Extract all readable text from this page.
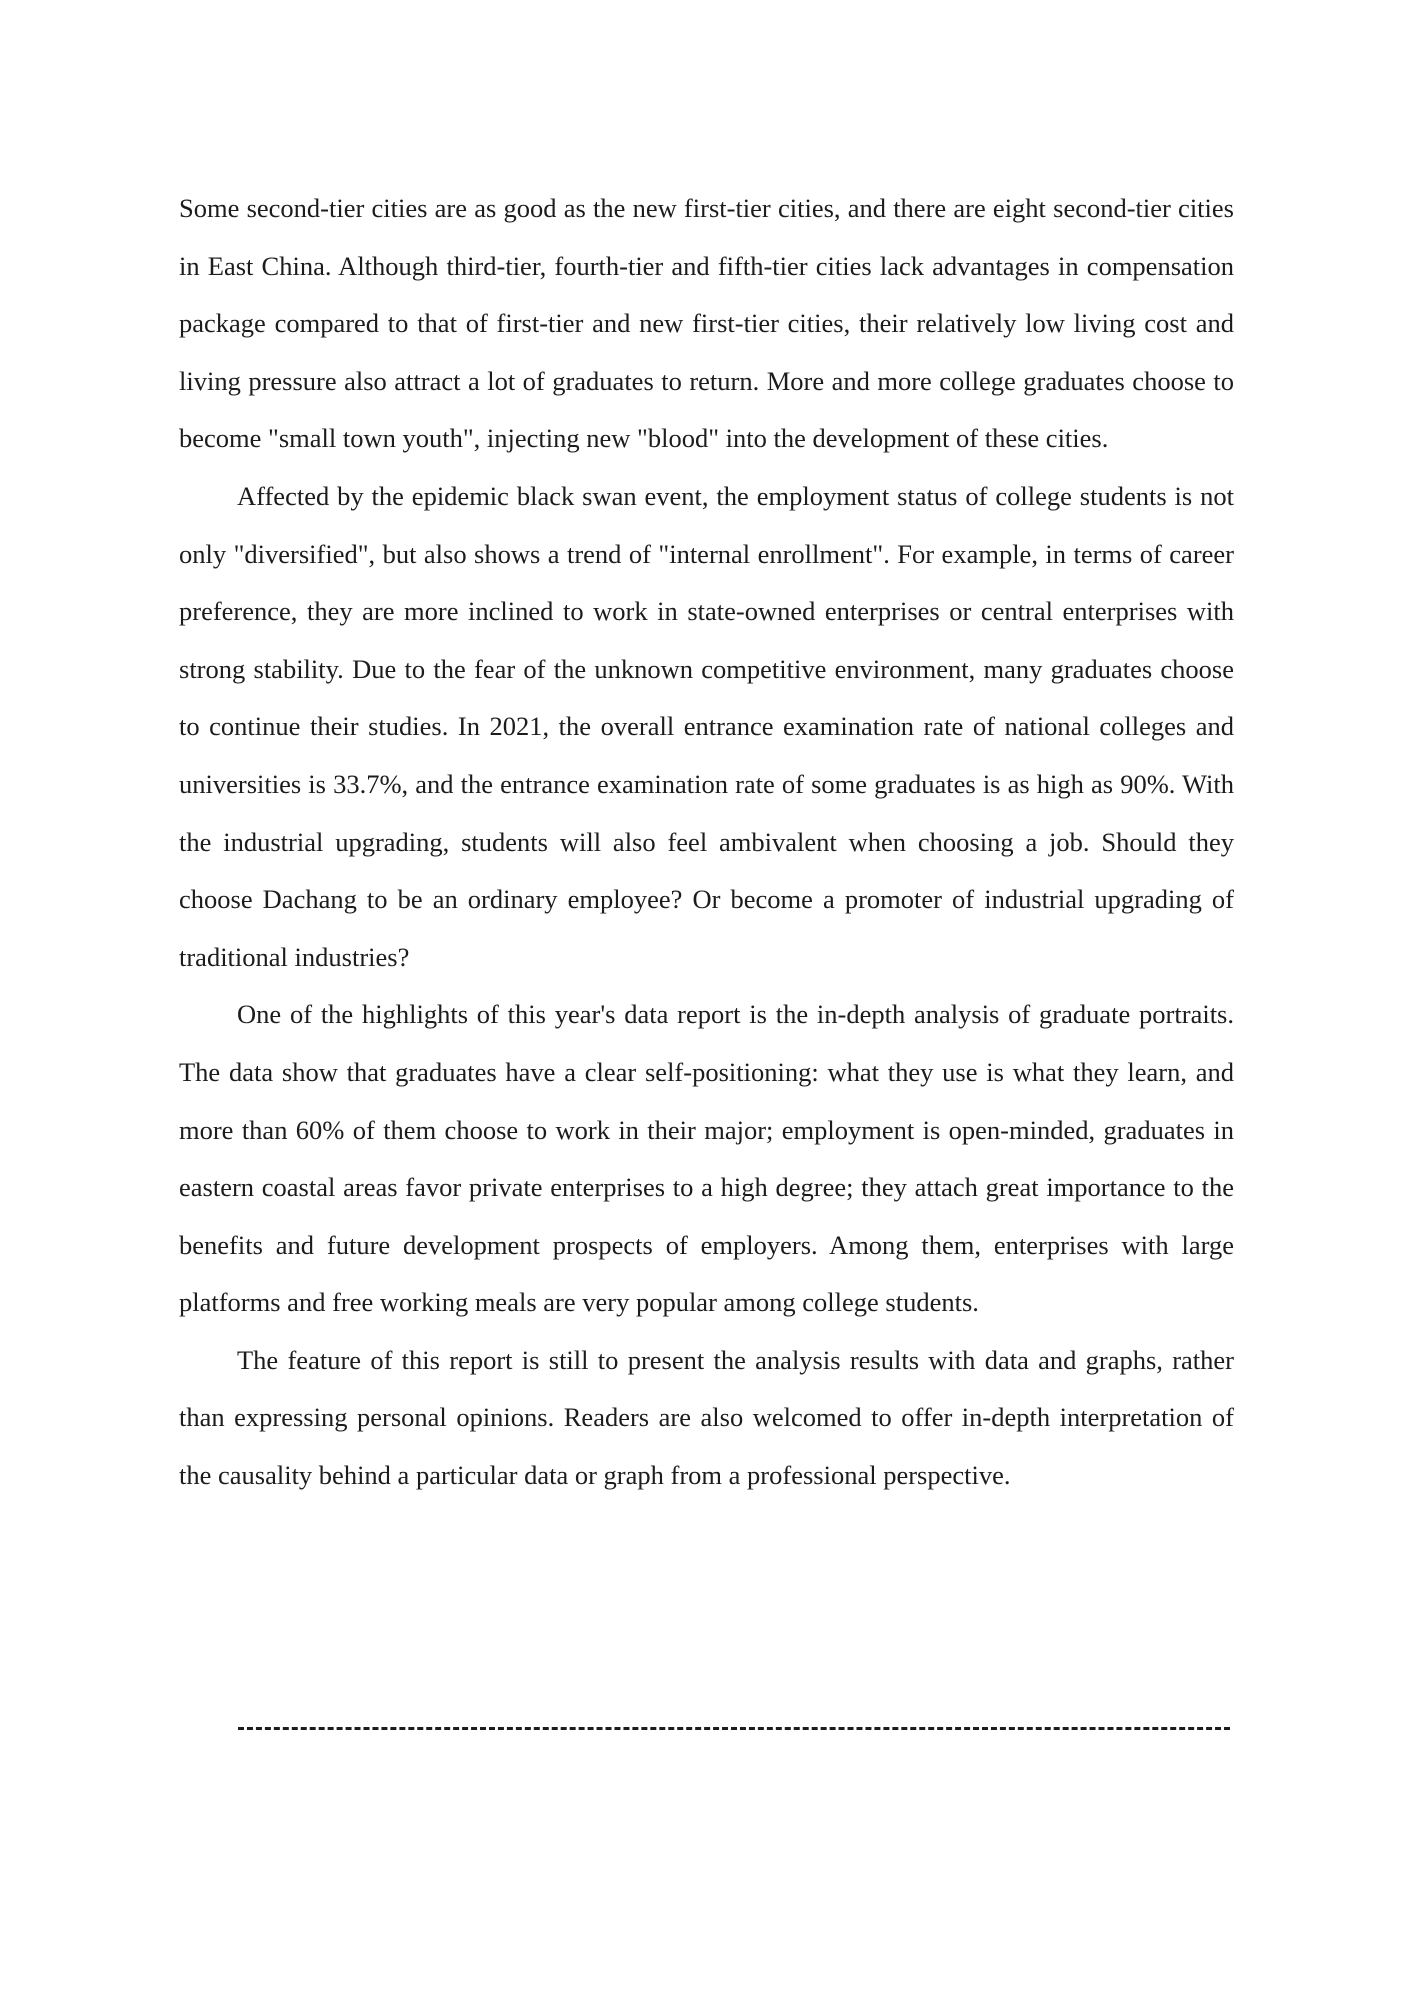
Some second-tier cities are as good as the new first-tier cities, and there are eight second-tier cities in East China. Although third-tier, fourth-tier and fifth-tier cities lack advantages in compensation package compared to that of first-tier and new first-tier cities, their relatively low living cost and living pressure also attract a lot of graduates to return. More and more college graduates choose to become "small town youth", injecting new "blood" into the development of these cities.

Affected by the epidemic black swan event, the employment status of college students is not only "diversified", but also shows a trend of "internal enrollment". For example, in terms of career preference, they are more inclined to work in state-owned enterprises or central enterprises with strong stability. Due to the fear of the unknown competitive environment, many graduates choose to continue their studies. In 2021, the overall entrance examination rate of national colleges and universities is 33.7%, and the entrance examination rate of some graduates is as high as 90%. With the industrial upgrading, students will also feel ambivalent when choosing a job. Should they choose Dachang to be an ordinary employee? Or become a promoter of industrial upgrading of traditional industries?

One of the highlights of this year's data report is the in-depth analysis of graduate portraits. The data show that graduates have a clear self-positioning: what they use is what they learn, and more than 60% of them choose to work in their major; employment is open-minded, graduates in eastern coastal areas favor private enterprises to a high degree; they attach great importance to the benefits and future development prospects of employers. Among them, enterprises with large platforms and free working meals are very popular among college students.

The feature of this report is still to present the analysis results with data and graphs, rather than expressing personal opinions. Readers are also welcomed to offer in-depth interpretation of the causality behind a particular data or graph from a professional perspective.
